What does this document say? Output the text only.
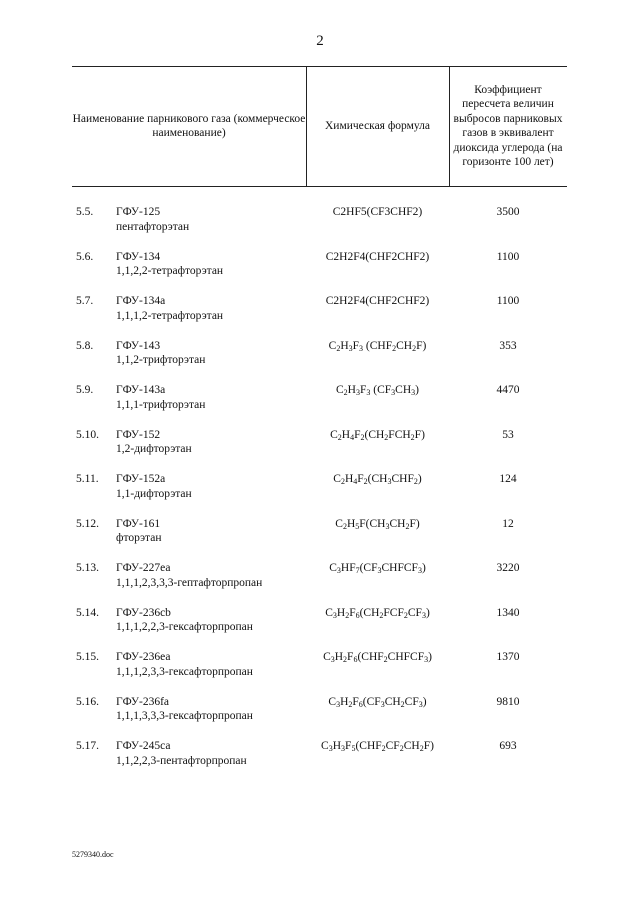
2
Наименование парникового газа (коммерческое наименование)
Химическая формула
Коэффициент пересчета величин выбросов парниковых газов в эквивалент диоксида углерода (на горизонте 100 лет)
5.5.	ГФУ-125
пентафторэтан
C2HF5(CF3CHF2)	3500
5.6.	ГФУ-134
1,1,2,2-тетрафторэтан
C2H2F4(CHF2CHF2)	1100
5.7.	ГФУ-134а
1,1,1,2-тетрафторэтан
C2H2F4(CHF2CHF2)	1100
5.8.	ГФУ-143
1,1,2-трифторэтан
$C_2H_3F_3$ $(CHF_2CH_2F)$	353
5.9.	ГФУ-143а
1,1,1-трифторэтан
$C_2H_3F_3$ $(CF_3CH_3)$	4470
5.10.	ГФУ-152
1,2-дифторэтан
$C_2H_4F_2(CH_2FCH_2F)$	53
5.11.	ГФУ-152а
1,1-дифторэтан
$C_2H_4F_2(CH_3CHF_2)$	124
5.12.	ГФУ-161
фторэтан
$C_2H_5F(CH_3CH_2F)$	12
5.13.	ГФУ-227еа
1,1,1,2,3,3,3-гептафторпропан
$C_3HF_7(CF_3CHFCF_3)$	3220
5.14.	ГФУ-236cb
1,1,1,2,2,3-гексафторпропан
$C_3H_2F_6(CH_2FCF_2CF_3)$	1340
5.15.	ГФУ-236еа
1,1,1,2,3,3-гексафторпропан
$C_3H_2F_6(CHF_2CHFCF_3)$	1370
5.16.	ГФУ-236fa
1,1,1,3,3,3-гексафторпропан
$C_3H_2F_6(CF_3CH_2CF_3)$	9810
5.17.	ГФУ-245са
1,1,2,2,3-пентафторпропан
$C_3H_3F_5(CHF_2CF_2CH_2F)$	693
5279340.doc
